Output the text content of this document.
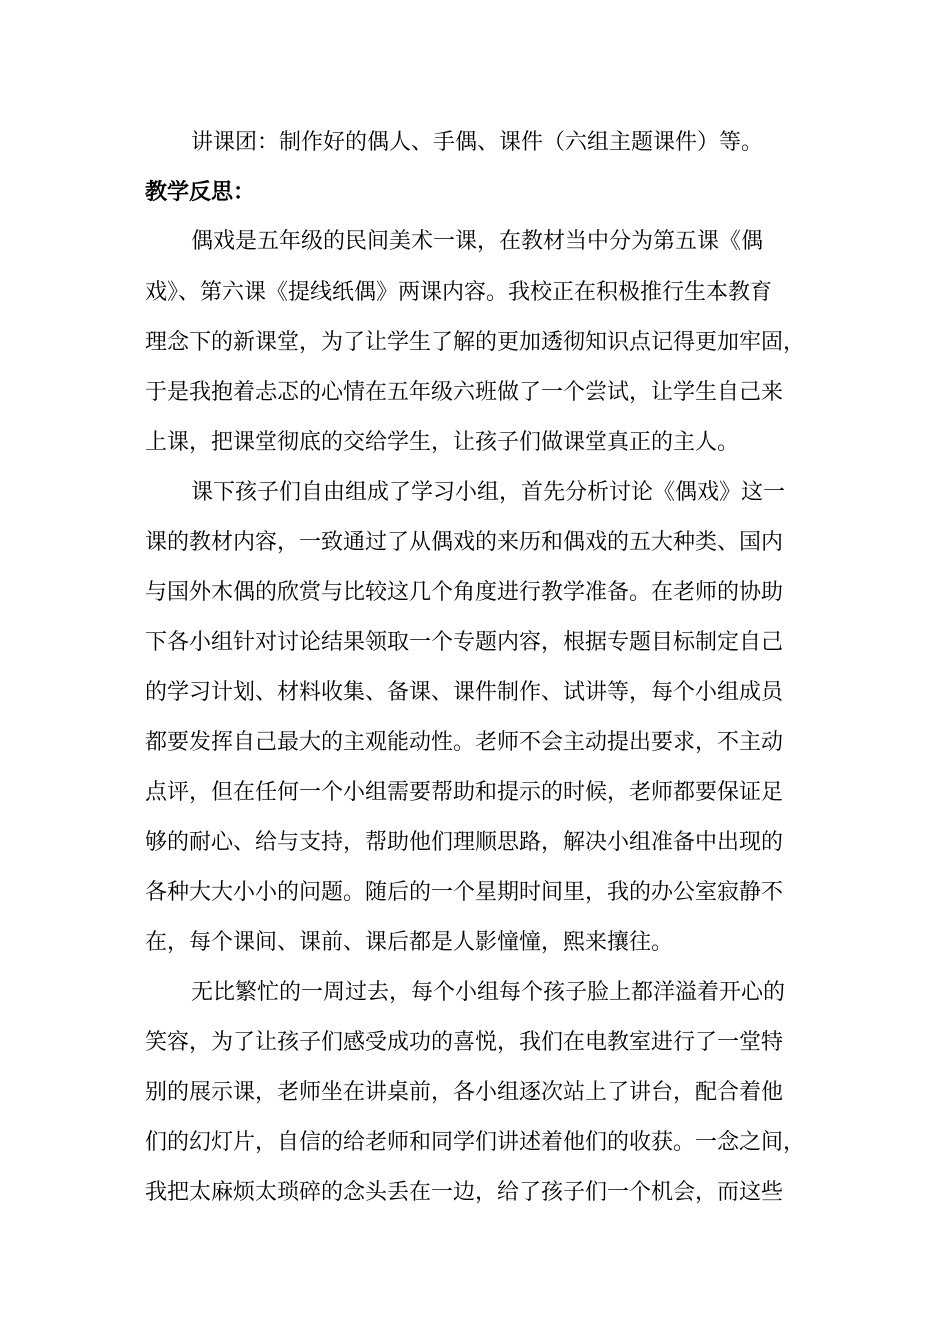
讲课团：制作好的偶人、手偶、课件（六组主题课件）等。
教学反思：
偶戏是五年级的民间美术一课，在教材当中分为第五课《偶
戏》、第六课《提线纸偶》两课内容。我校正在积极推行生本教育
理念下的新课堂，为了让学生了解的更加透彻知识点记得更加牢固，
于是我抱着忐忑的心情在五年级六班做了一个尝试，让学生自己来
上课，把课堂彻底的交给学生，让孩子们做课堂真正的主人。
课下孩子们自由组成了学习小组，首先分析讨论《偶戏》这一
课的教材内容，一致通过了从偶戏的来历和偶戏的五大种类、国内
与国外木偶的欣赏与比较这几个角度进行教学准备。在老师的协助
下各小组针对讨论结果领取一个专题内容，根据专题目标制定自己
的学习计划、材料收集、备课、课件制作、试讲等，每个小组成员
都要发挥自己最大的主观能动性。老师不会主动提出要求，不主动
点评，但在任何一个小组需要帮助和提示的时候，老师都要保证足
够的耐心、给与支持，帮助他们理顺思路，解决小组准备中出现的
各种大大小小的问题。随后的一个星期时间里，我的办公室寂静不
在，每个课间、课前、课后都是人影憧憧，熙来攘往。
无比繁忙的一周过去，每个小组每个孩子脸上都洋溢着开心的
笑容，为了让孩子们感受成功的喜悦，我们在电教室进行了一堂特
别的展示课，老师坐在讲桌前，各小组逐次站上了讲台，配合着他
们的幻灯片，自信的给老师和同学们讲述着他们的收获。一念之间，
我把太麻烦太琐碎的念头丢在一边，给了孩子们一个机会，而这些
